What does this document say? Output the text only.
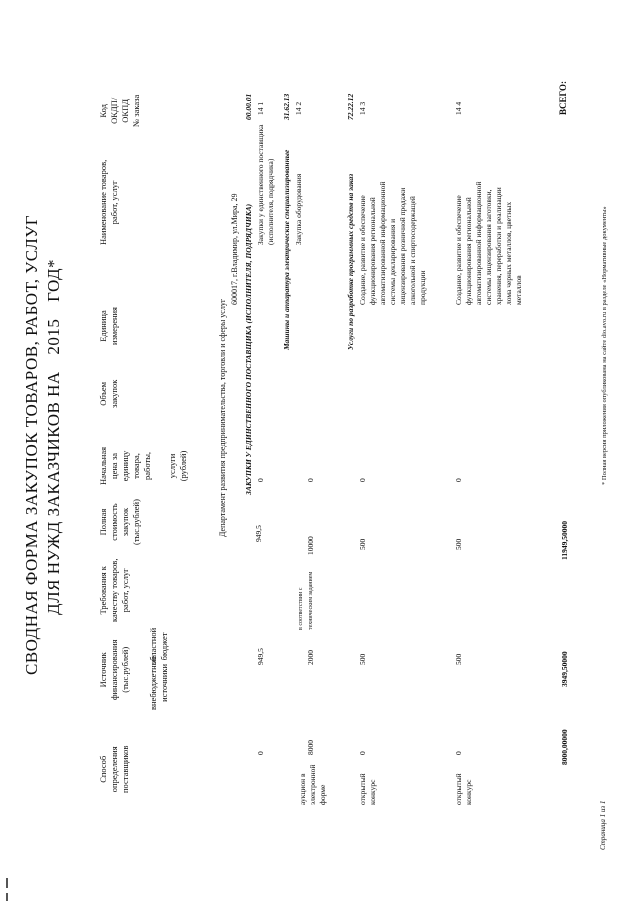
СВОДНАЯ ФОРМА ЗАКУПОК ТОВАРОВ, РАБОТ, УСЛУГ ДЛЯ НУЖД ЗАКАЗЧИКОВ НА 2015 ГОД*
Код ОКДП/ ОКПД № заказа
Наименование товаров, работ, услуг
Единица измерения
Объем закупок
Начальная цена за единицу товара, работы, услуги (рублей)
Полная стоимость закупок (тыс.рублей)
Требования к качеству товаров, работ, услуг
Источник финансирования (тыс.рублей)
областной бюджет
внебюджетные источники
Способ определения поставщиков
Департамент развития предпринимательства, торговли и сферы услуг
600017, г.Владимир, ул.Мира, 29
00.00.01
ЗАКУПКИ У ЕДИНСТВЕННОГО ПОСТАВЩИКА (ИСПОЛНИТЕЛЯ, ПОДРЯДЧИКА)
949,5
14 1
Закупки у единственного поставщика (исполнителя, подрядчика)
0
949,5
0
31.62.13
Машины и аппаратура электрические специализированные
14 2
Закупка оборудования
0
10000
в соответствии с техническим заданием
2000
8000
аукцион в электронной форме
72.22.12
Услуги по разработке программных средств на заказ
14 3
Создание, развитие и обеспечение функционирования региональной автоматизированной информационной системы декларирования и лицензирования розничной продажи алкогольной и спиртосодержащей продукции
0
500
500
0
открытый конкурс
14 4
Создание, развитие и обеспечение функционирования региональной автоматизированной информационной системы лицензирования заготовки, хранения, переработки и реализации лома черных металлов, цветных металлов
0
500
500
0
открытый конкурс
ВСЕГО:
11949,50000
3949,50000
8000,00000
* Полная версия приложения опубликована на сайте dio.avo.ru в разделе «Нормативные документы»
Страница 1 из 1
